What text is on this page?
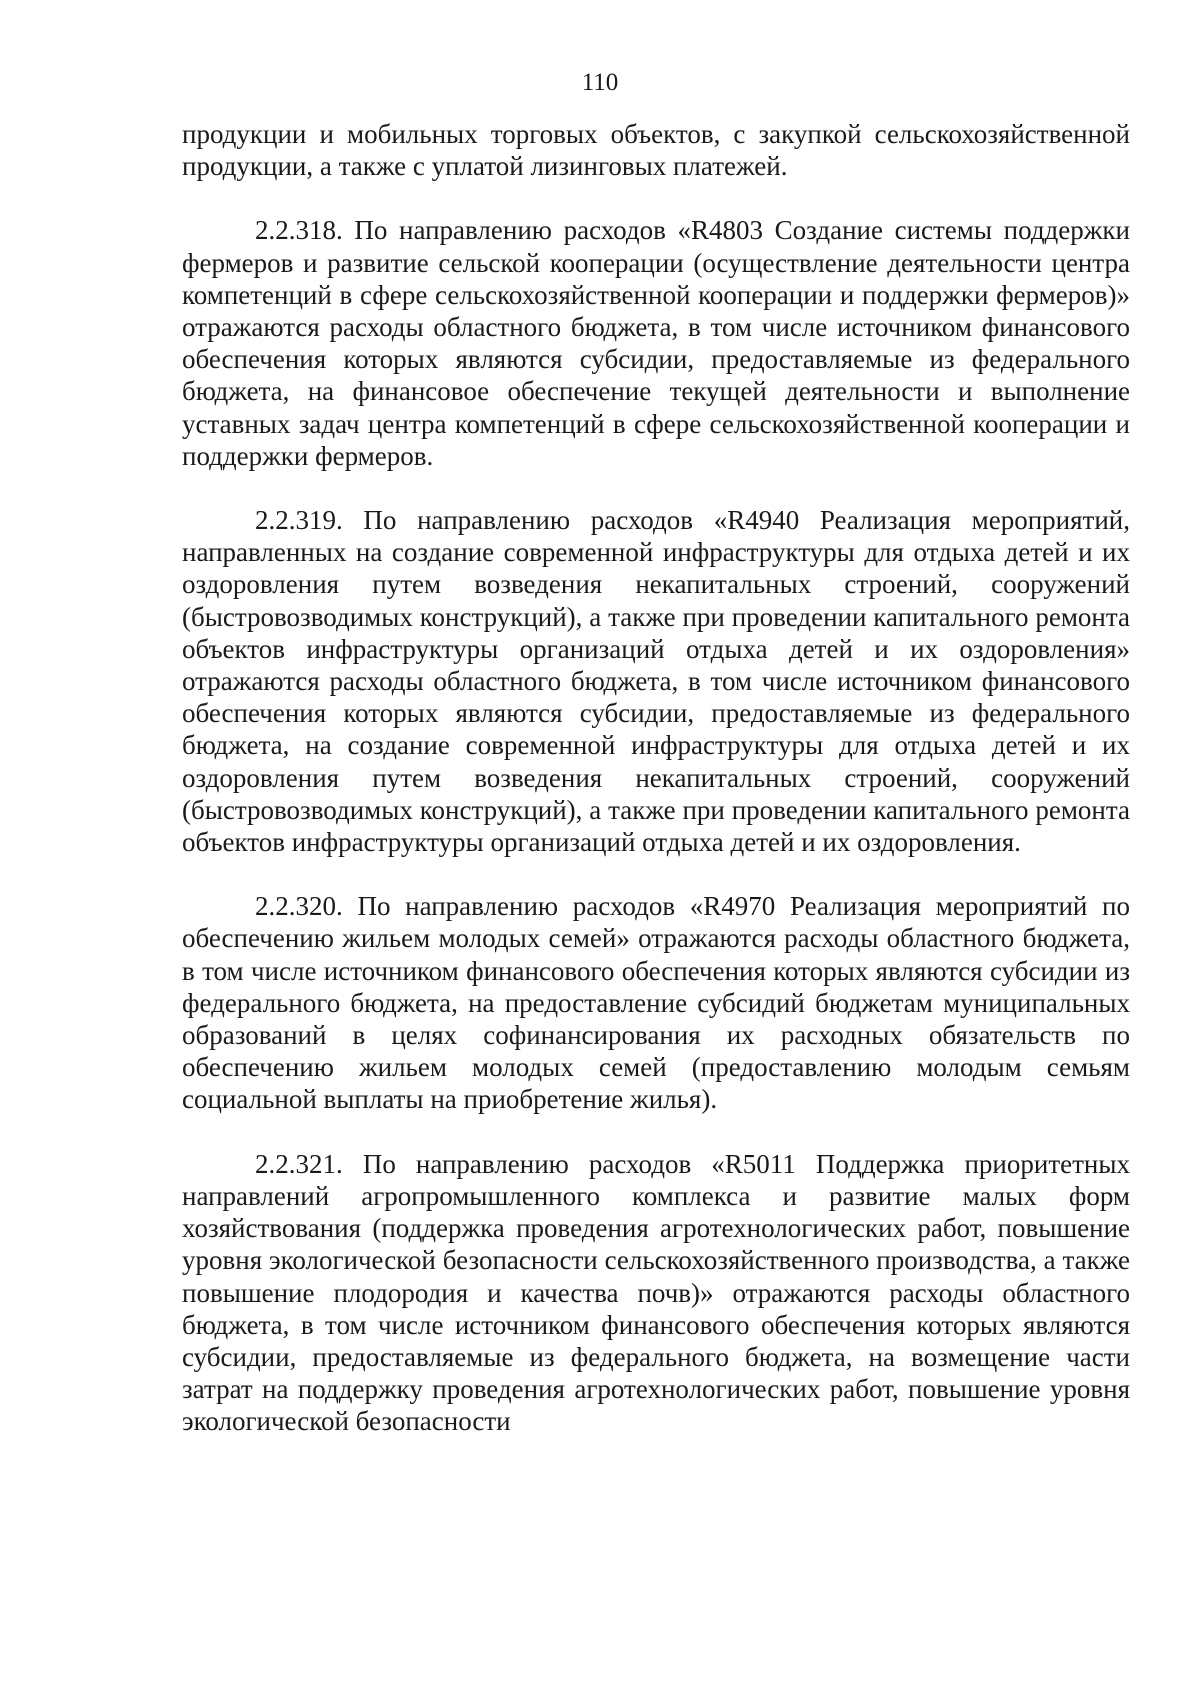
110

продукции и мобильных торговых объектов, с закупкой сельскохозяйственной продукции, а также с уплатой лизинговых платежей.

2.2.318. По направлению расходов «R4803 Создание системы поддержки фермеров и развитие сельской кооперации (осуществление деятельности центра компетенций в сфере сельскохозяйственной кооперации и поддержки фермеров)» отражаются расходы областного бюджета, в том числе источником финансового обеспечения которых являются субсидии, предоставляемые из федерального бюджета, на финансовое обеспечение текущей деятельности и выполнение уставных задач центра компетенций в сфере сельскохозяйственной кооперации и поддержки фермеров.

2.2.319. По направлению расходов «R4940 Реализация мероприятий, направленных на создание современной инфраструктуры для отдыха детей и их оздоровления путем возведения некапитальных строений, сооружений (быстровозводимых конструкций), а также при проведении капитального ремонта объектов инфраструктуры организаций отдыха детей и их оздоровления» отражаются расходы областного бюджета, в том числе источником финансового обеспечения которых являются субсидии, предоставляемые из федерального бюджета, на создание современной инфраструктуры для отдыха детей и их оздоровления путем возведения некапитальных строений, сооружений (быстровозводимых конструкций), а также при проведении капитального ремонта объектов инфраструктуры организаций отдыха детей и их оздоровления.

2.2.320. По направлению расходов «R4970 Реализация мероприятий по обеспечению жильем молодых семей» отражаются расходы областного бюджета, в том числе источником финансового обеспечения которых являются субсидии из федерального бюджета, на предоставление субсидий бюджетам муниципальных образований в целях софинансирования их расходных обязательств по обеспечению жильем молодых семей (предоставлению молодым семьям социальной выплаты на приобретение жилья).

2.2.321. По направлению расходов «R5011 Поддержка приоритетных направлений агропромышленного комплекса и развитие малых форм хозяйствования (поддержка проведения агротехнологических работ, повышение уровня экологической безопасности сельскохозяйственного производства, а также повышение плодородия и качества почв)» отражаются расходы областного бюджета, в том числе источником финансового обеспечения которых являются субсидии, предоставляемые из федерального бюджета, на возмещение части затрат на поддержку проведения агротехнологических работ, повышение уровня экологической безопасности
